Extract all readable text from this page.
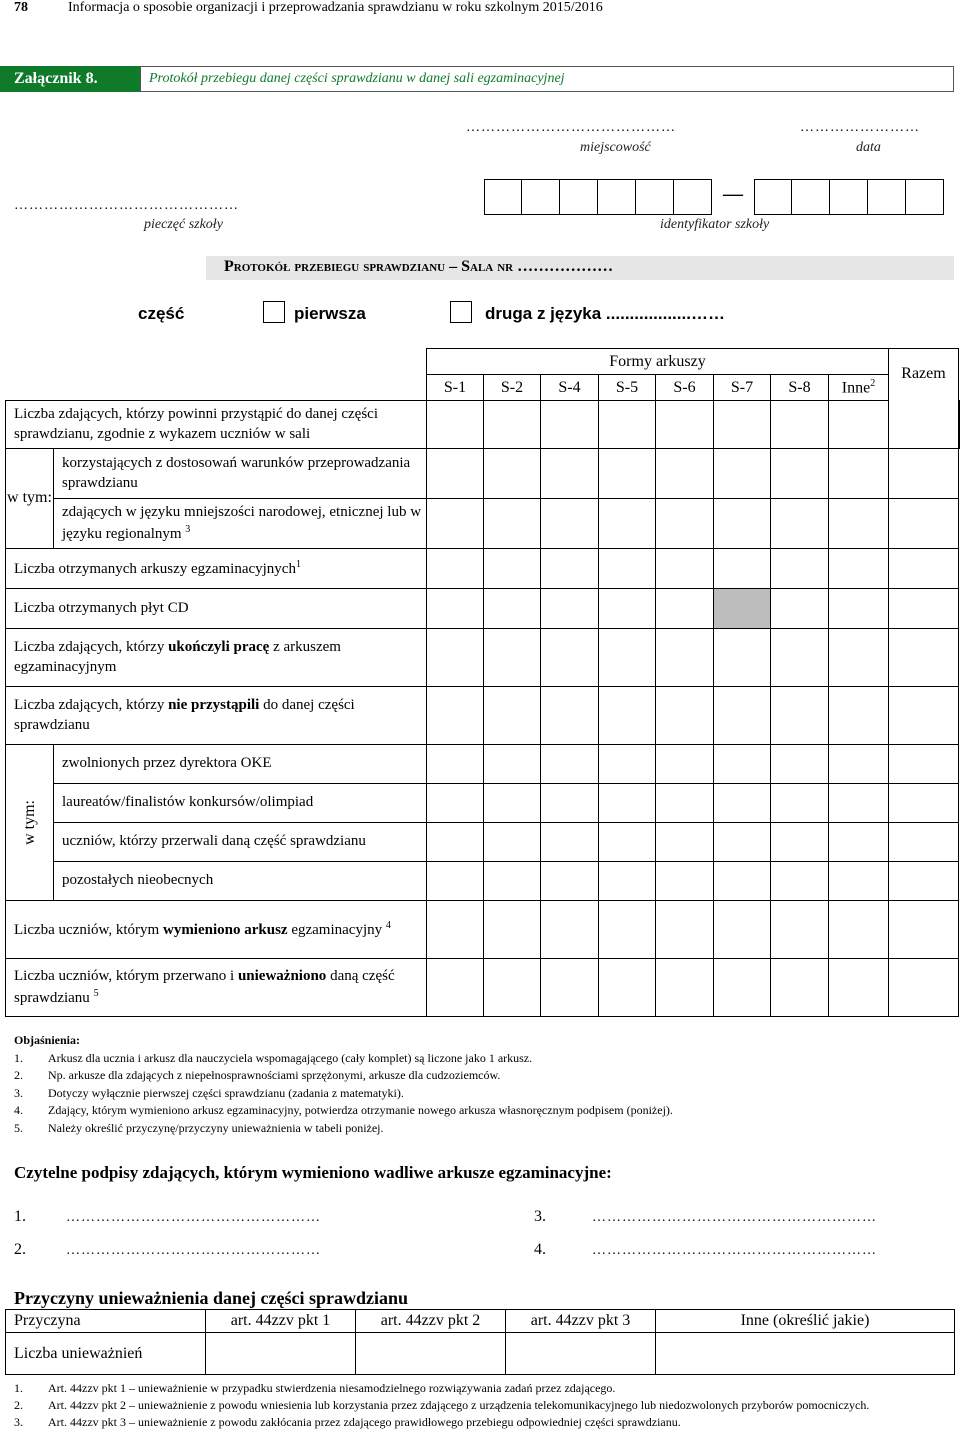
78	Informacja o sposobie organizacji i przeprowadzania sprawdzianu w roku szkolnym 2015/2016
Załącznik 8.	Protokół przebiegu danej części sprawdzianu w danej sali egzaminacyjnej
……………………………………
miejscowość
……………………
data
………………………………………
pieczęć szkoły
—
identyfikator szkoły
Protokół przebiegu sprawdzianu – Sala nr ………………
część	pierwsza	druga z języka ..................……
		Formy arkuszy								Razem	
		S-1	S-2	S-4	S-5	S-6	S-7	S-8	Inne$^2$
Liczba zdających, którzy powinni przystąpić do danej części sprawdzianu, zgodnie z wykazem uczniów w sali											
w tym:	korzystających z dostosowań warunków przeprowadzania sprawdzianu										
	zdających w języku mniejszości narodowej, etnicznej lub w języku regionalnym $^3$									
Liczba otrzymanych arkuszy egzaminacyjnych$^1$									
Liczba otrzymanych płyt CD											
Liczba zdających, którzy ukończyli pracę z arkuszem egzaminacyjnym											
Liczba zdających, którzy nie przystąpili do danej części sprawdzianu											

w tym:	zwolnionych przez dyrektora OKE										
	laureatów/finalistów konkursów/olimpiad										
	uczniów, którzy przerwali daną część sprawdzianu										
	pozostałych nieobecnych										
Liczba uczniów, którym wymieniono arkusz egzaminacyjny $^4$									
Liczba uczniów, którym przerwano i unieważniono daną część sprawdzianu $^5$									
Objaśnienia:
1.	Arkusz dla ucznia i arkusz dla nauczyciela wspomagającego (cały komplet) są liczone jako 1 arkusz.
2.	Np. arkusze dla zdających z niepełnosprawnościami sprzężonymi, arkusze dla cudzoziemców.
3.	Dotyczy wyłącznie pierwszej części sprawdzianu (zadania z matematyki).
4.	Zdający, którym wymieniono arkusz egzaminacyjny, potwierdza otrzymanie nowego arkusza własnoręcznym podpisem (poniżej).
5.	Należy określić przyczynę/przyczyny unieważnienia w tabeli poniżej.
Czytelne podpisy zdających, którym wymieniono wadliwe arkusze egzaminacyjne:
1.	……………………………………………	3.	…………………………………………………
2.	……………………………………………	4.	…………………………………………………
Przyczyny unieważnienia danej części sprawdzianu
Przyczyna	art. 44zzv pkt 1	art. 44zzv pkt 2	art. 44zzv pkt 3	Inne (określić jakie)
Liczba unieważnień				
1.	Art. 44zzv pkt 1 – unieważnienie w przypadku stwierdzenia niesamodzielnego rozwiązywania zadań przez zdającego.
2.	Art. 44zzv pkt 2 – unieważnienie z powodu wniesienia lub korzystania przez zdającego z urządzenia telekomunikacyjnego lub niedozwolonych przyborów pomocniczych.
3.	Art. 44zzv pkt 3 – unieważnienie z powodu zakłócania przez zdającego prawidłowego przebiegu odpowiedniej części sprawdzianu.
